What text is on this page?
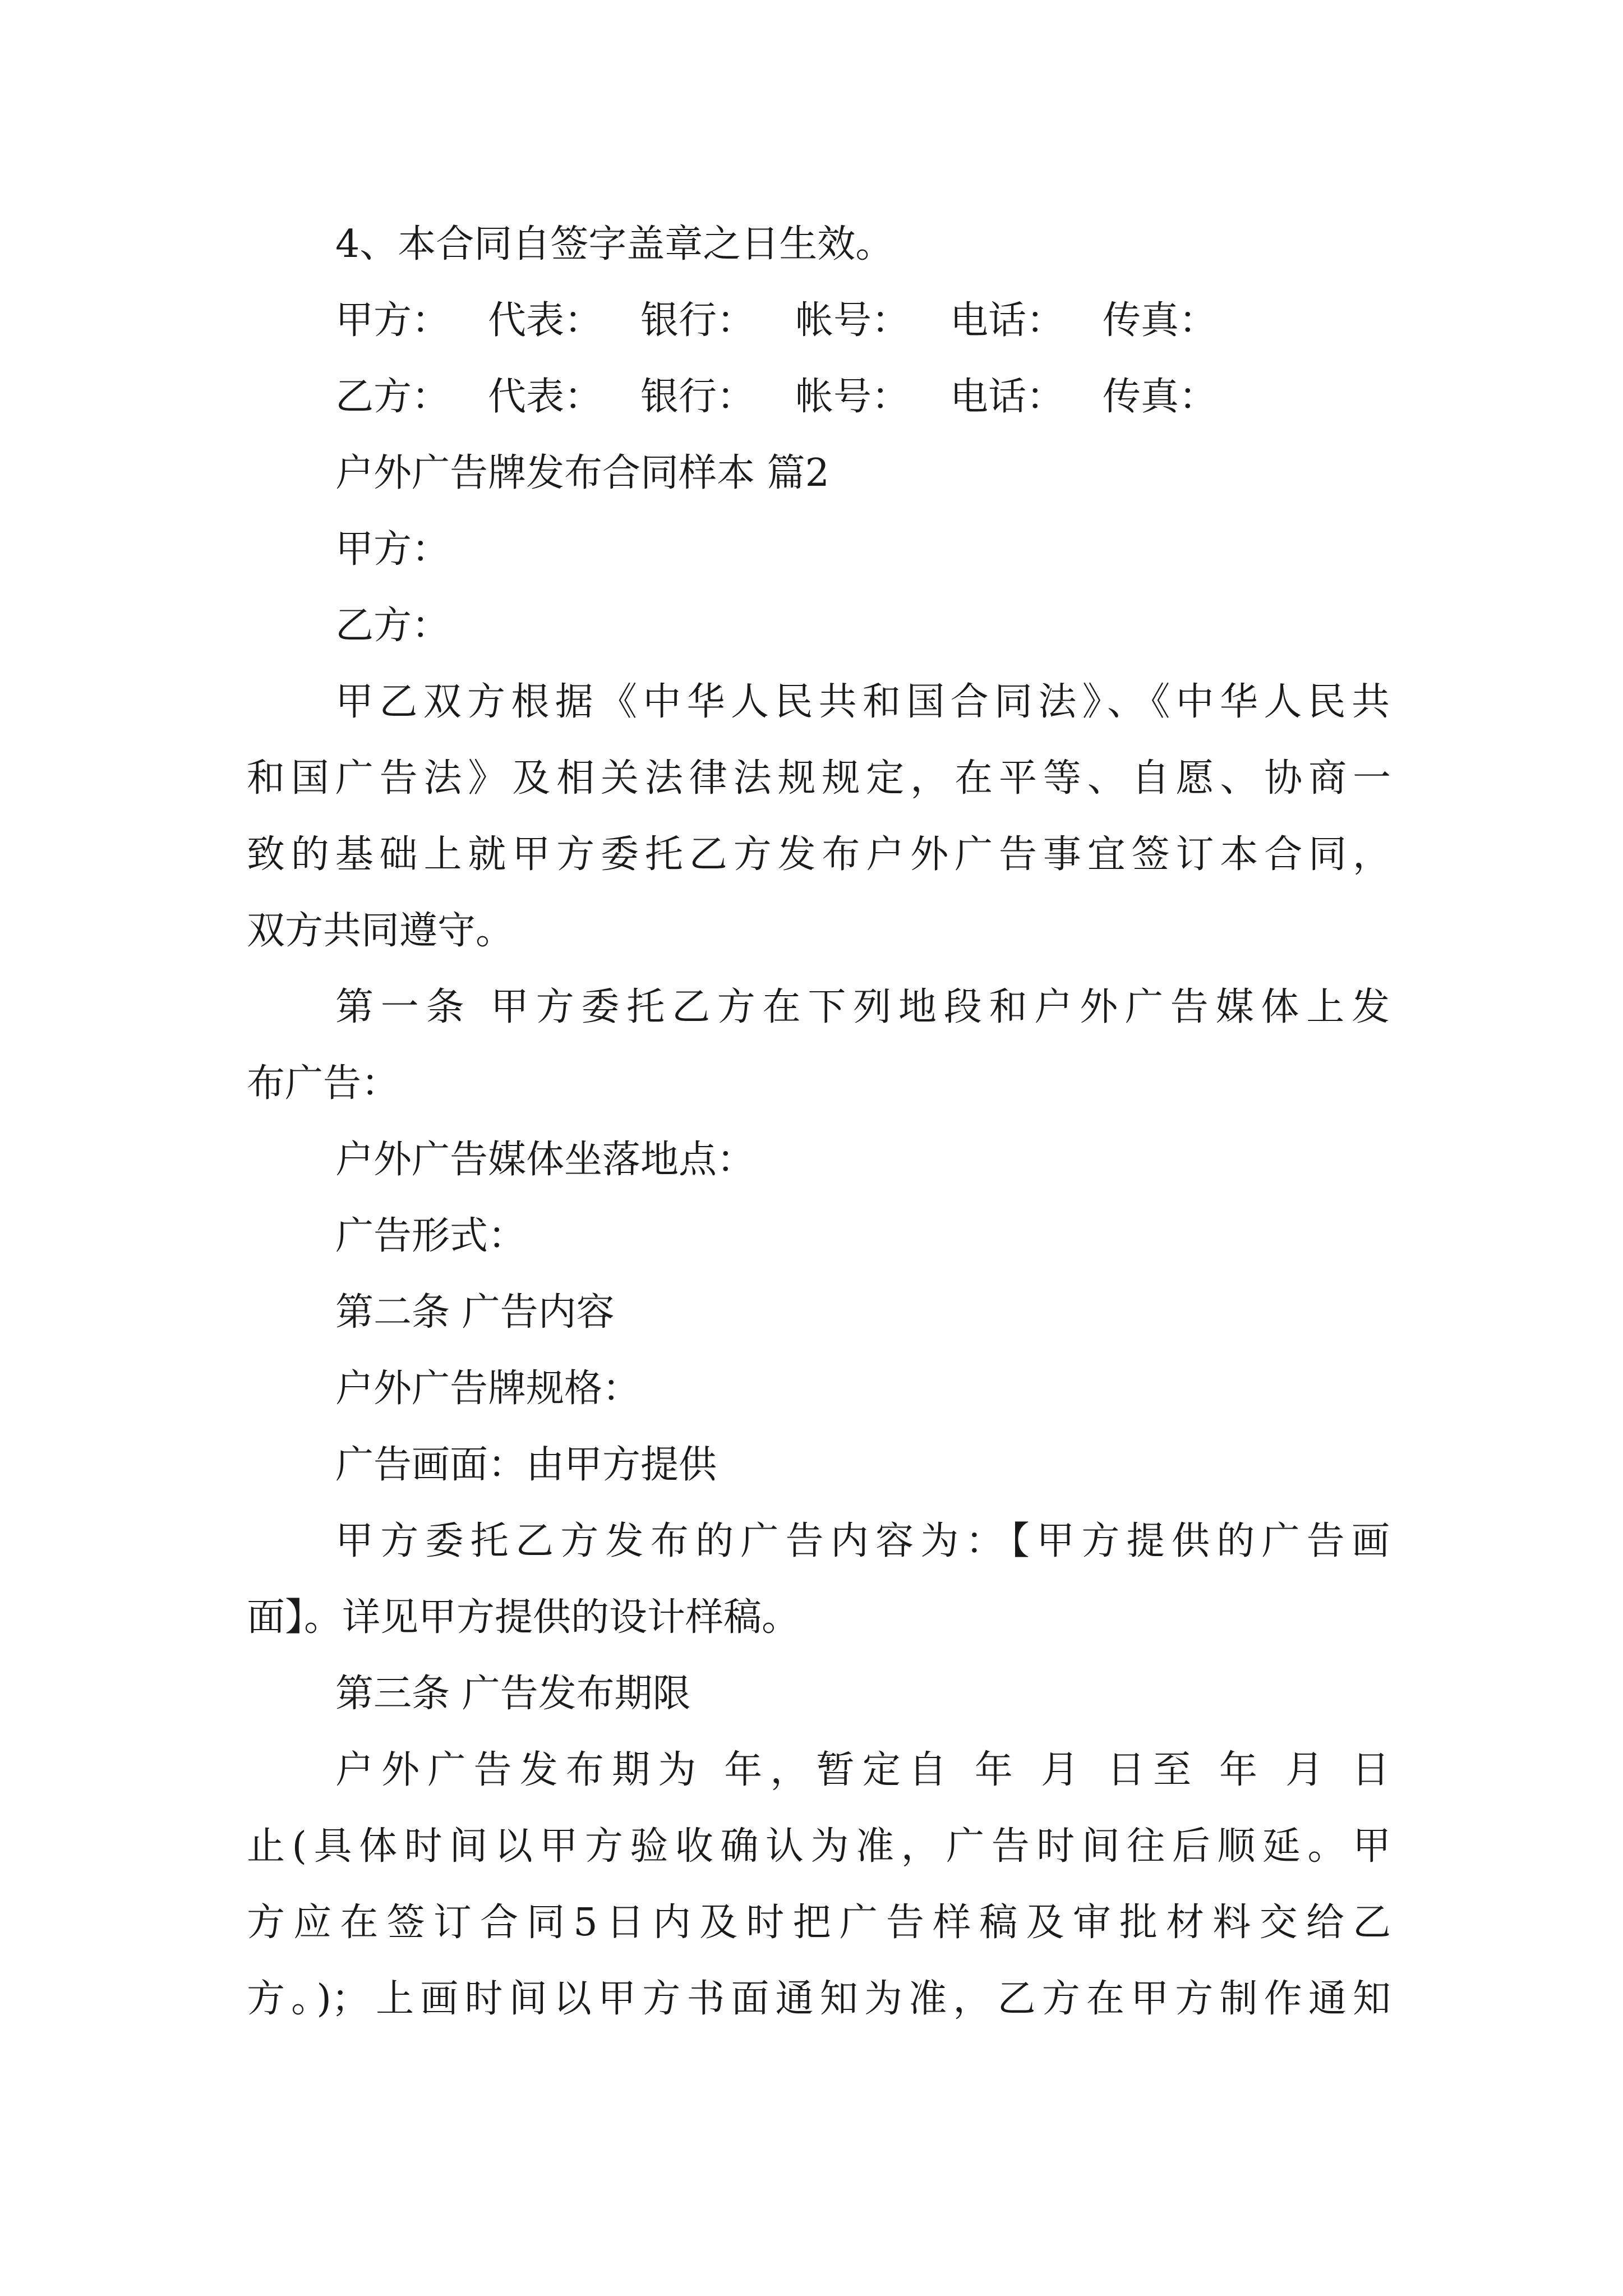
4、本合同自签字盖章之日生效。
甲方： 代表： 银行：	帐号：	电话： 传真：
乙方： 代表： 银行：	帐号：	电话： 传真：
户外广告牌发布合同样本 篇2
甲方：
乙方：
甲乙双方根据《中华人民共和国合同法》、《中华人民共
和国广告法》及相关法律法规规定，在平等、自愿、协商一
致的基础上就甲方委托乙方发布户外广告事宜签订本合同，
双方共同遵守。
第一条 甲方委托乙方在下列地段和户外广告媒体上发
布广告：
户外广告媒体坐落地点：
广告形式：
第二条 广告内容
户外广告牌规格：
广告画面：由甲方提供
甲方委托乙方发布的广告内容为：【甲方提供的广告画
面】。详见甲方提供的设计样稿。
第三条 广告发布期限
户外广告发布期为 年，暂定自 年 月 日至 年 月 日
止(具体时间以甲方验收确认为准，广告时间往后顺延。甲
方应在签订合同5日内及时把广告样稿及审批材料交给乙
方。)；上画时间以甲方书面通知为准，乙方在甲方制作通知
